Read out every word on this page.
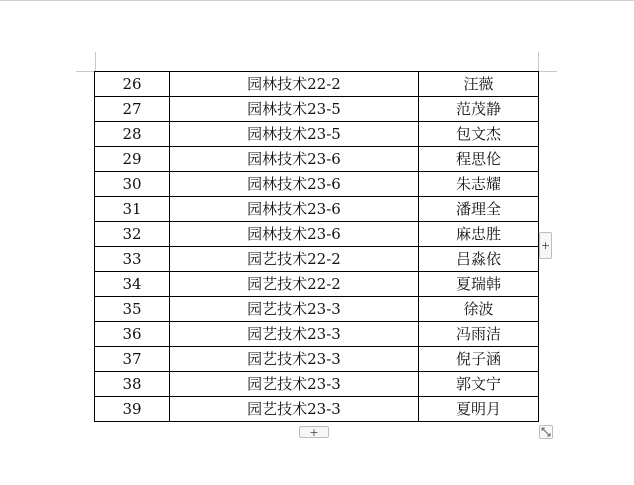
26	园林技术22-2	汪薇
27	园林技术23-5	范茂静
28	园林技术23-5	包文杰
29	园林技术23-6	程思伦
30	园林技术23-6	朱志耀
31	园林技术23-6	潘理全
32	园林技术23-6	麻忠胜
33	园艺技术22-2	吕淼依
34	园艺技术22-2	夏瑞韩
35	园艺技术23-3	徐波
36	园艺技术23-3	冯雨洁
37	园艺技术23-3	倪子涵
38	园艺技术23-3	郭文宁
39	园艺技术23-3	夏明月
+
+
